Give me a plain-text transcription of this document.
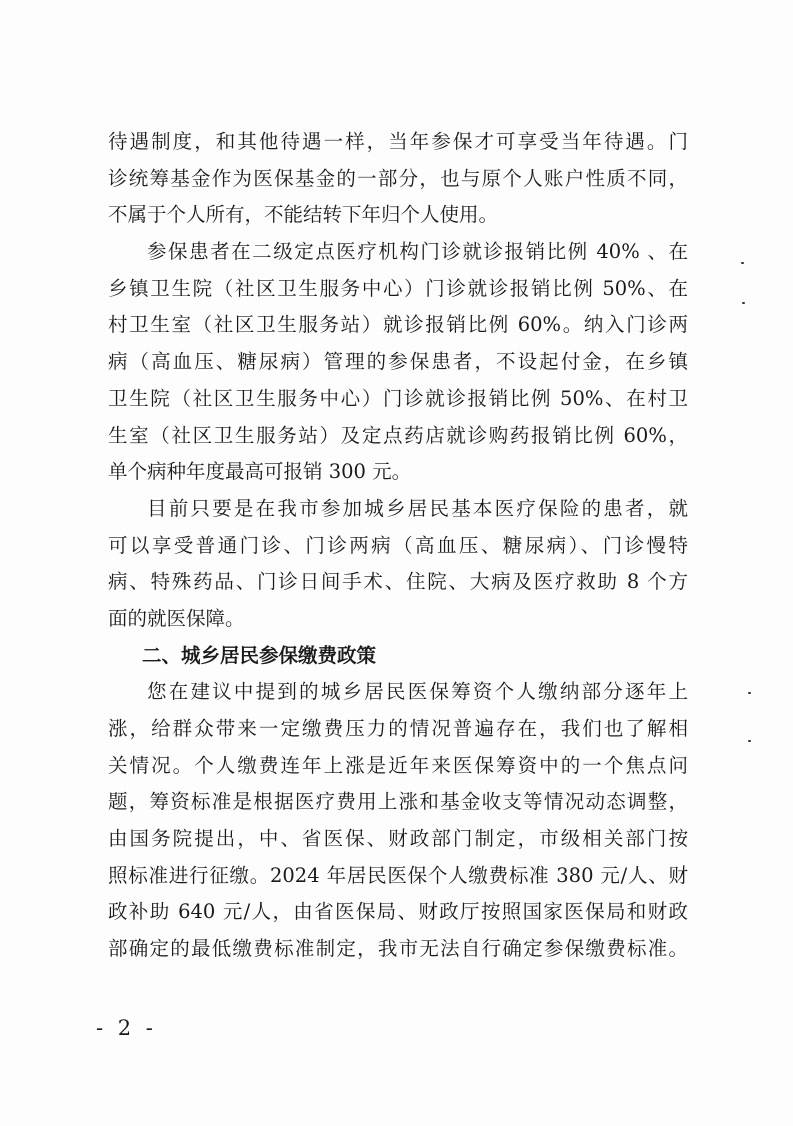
待遇制度，和其他待遇一样，当年参保才可享受当年待遇。门
诊统筹基金作为医保基金的一部分，也与原个人账户性质不同，
不属于个人所有，不能结转下年归个人使用。
参保患者在二级定点医疗机构门诊就诊报销比例 40% 、在
乡镇卫生院（社区卫生服务中心）门诊就诊报销比例 50%、在
村卫生室（社区卫生服务站）就诊报销比例 60%。纳入门诊两
病（高血压、糖尿病）管理的参保患者，不设起付金，在乡镇
卫生院（社区卫生服务中心）门诊就诊报销比例 50%、在村卫
生室（社区卫生服务站）及定点药店就诊购药报销比例 60%，
单个病种年度最高可报销 300 元。
目前只要是在我市参加城乡居民基本医疗保险的患者，就
可以享受普通门诊、门诊两病（高血压、糖尿病）、门诊慢特
病、特殊药品、门诊日间手术、住院、大病及医疗救助 8 个方
面的就医保障。
二、城乡居民参保缴费政策
您在建议中提到的城乡居民医保筹资个人缴纳部分逐年上
涨，给群众带来一定缴费压力的情况普遍存在，我们也了解相
关情况。个人缴费连年上涨是近年来医保筹资中的一个焦点问
题，筹资标准是根据医疗费用上涨和基金收支等情况动态调整，
由国务院提出，中、省医保、财政部门制定，市级相关部门按
照标准进行征缴。2024 年居民医保个人缴费标准 380 元/人、财
政补助 640 元/人，由省医保局、财政厅按照国家医保局和财政
部确定的最低缴费标准制定，我市无法自行确定参保缴费标准。
- 2 -
